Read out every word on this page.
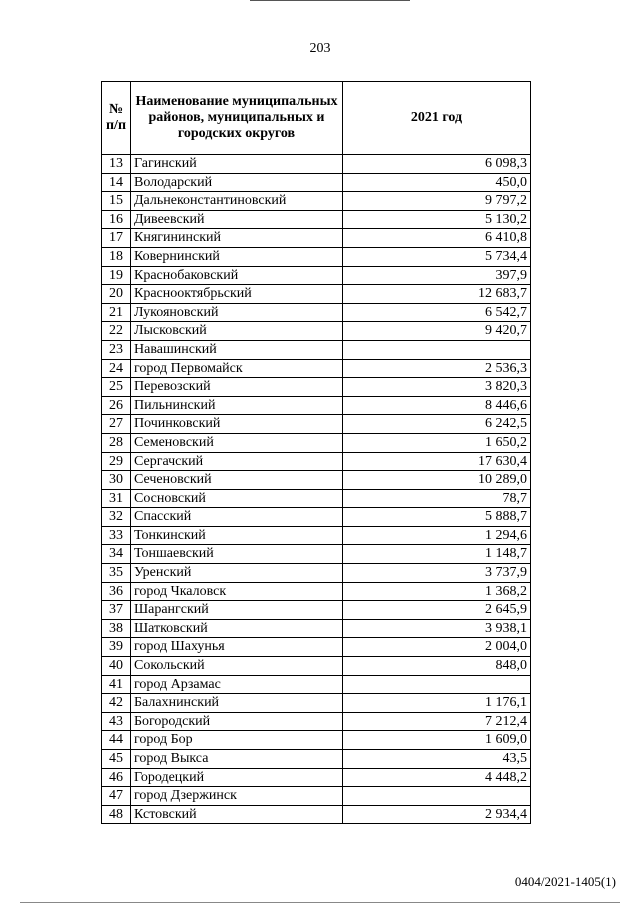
203
№ п/п	Наименование муниципальных районов, муниципальных и городских округов	2021 год
13	Гагинский	6 098,3
14	Володарский	450,0
15	Дальнеконстантиновский	9 797,2
16	Дивеевский	5 130,2
17	Княгининский	6 410,8
18	Ковернинский	5 734,4
19	Краснобаковский	397,9
20	Краснооктябрьский	12 683,7
21	Лукояновский	6 542,7
22	Лысковский	9 420,7
23	Навашинский	
24	город Первомайск	2 536,3
25	Перевозский	3 820,3
26	Пильнинский	8 446,6
27	Починковский	6 242,5
28	Семеновский	1 650,2
29	Сергачский	17 630,4
30	Сеченовский	10 289,0
31	Сосновский	78,7
32	Спасский	5 888,7
33	Тонкинский	1 294,6
34	Тоншаевский	1 148,7
35	Уренский	3 737,9
36	город Чкаловск	1 368,2
37	Шарангский	2 645,9
38	Шатковский	3 938,1
39	город Шахунья	2 004,0
40	Сокольский	848,0
41	город Арзамас	
42	Балахнинский	1 176,1
43	Богородский	7 212,4
44	город Бор	1 609,0
45	город Выкса	43,5
46	Городецкий	4 448,2
47	город Дзержинск	
48	Кстовский	2 934,4
0404/2021-1405(1)
